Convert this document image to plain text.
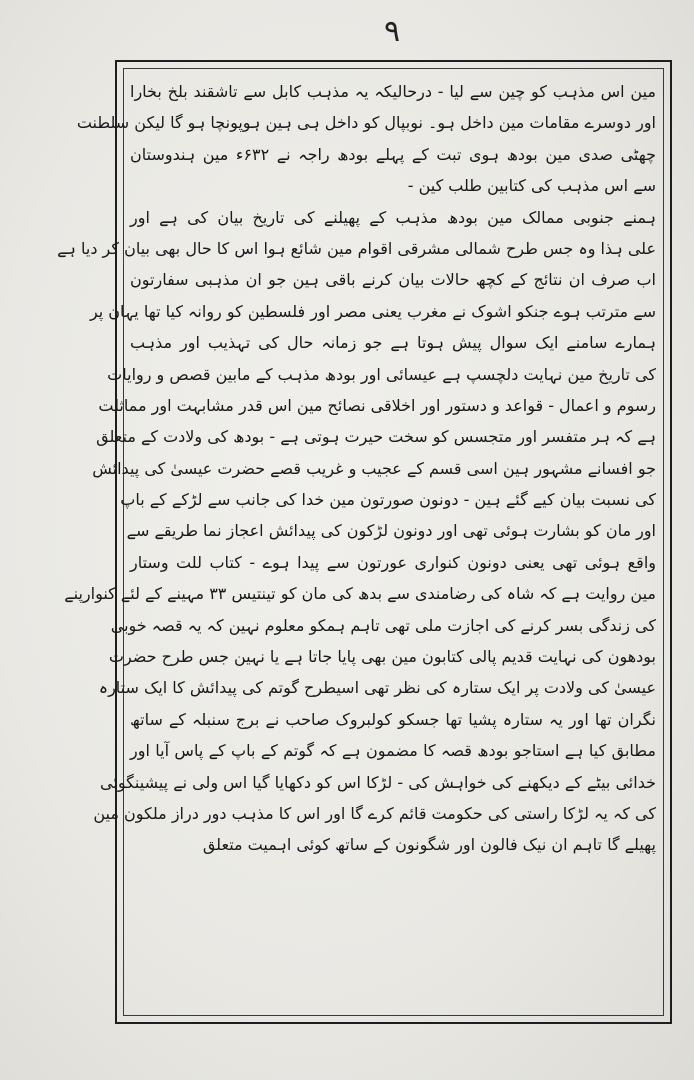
۹
مین اس مذہب کو چین سے لیا - درحالیکہ یہ مذہب کابل سے تاشقند بلخ بخارا
اور دوسرے مقامات مین داخل ہو۔ نوبپال کو داخل ہی ہین ہوپونچا ہو گا لیکن سلطنت
چھٹی صدی مین بودھ ہوی تبت کے پہلے بودھ راجہ نے ۶۳۲ء مین ہندوستان
سے اس مذہب کی کتابین طلب کین -
ہمنے جنوبی ممالک مین بودھ مذہب کے پھیلنے کی تاریخ بیان کی ہے اور
علی ہذا وہ جس طرح شمالی مشرقی اقوام مین شائع ہوا اس کا حال بھی بیان کر دیا ہے
اب صرف ان نتائج کے کچھ حالات بیان کرنے باقی ہین جو ان مذہبی سفارتون
سے مترتب ہوے جنکو اشوک نے مغرب یعنی مصر اور فلسطین کو روانہ کیا تھا یہان پر
ہمارے سامنے ایک سوال پیش ہوتا ہے جو زمانہ حال کی تہذیب اور مذہب
کی تاریخ مین نہایت دلچسپ ہے عیسائی اور بودھ مذہب کے مابین قصص و روایات
رسوم و اعمال - قواعد و دستور اور اخلاقی نصائح مین اس قدر مشابہت اور مماثلت
ہے کہ ہر متفسر اور متجسس کو سخت حیرت ہوتی ہے - بودھ کی ولادت کے متعلق
جو افسانے مشہور ہین اسی قسم کے عجیب و غریب قصے حضرت عیسیٰ کی پیدائش
کی نسبت بیان کیے گئے ہین - دونون صورتون مین خدا کی جانب سے لڑکے کے باپ
اور مان کو بشارت ہوئی تھی اور دونون لڑکون کی پیدائش اعجاز نما طریقے سے
واقع ہوئی تھی یعنی دونون کنواری عورتون سے پیدا ہوے - کتاب للت وستار
مین روایت ہے کہ شاہ کی رضامندی سے بدھ کی مان کو تینتیس ۳۳ مہینے کے لئے کنوارپنے
کی زندگی بسر کرنے کی اجازت ملی تھی تاہم ہمکو معلوم نہین کہ یہ قصہ خوبی
بودھون کی نہایت قدیم پالی کتابون مین بھی پایا جاتا ہے یا نہین جس طرح حضرت
عیسیٰ کی ولادت پر ایک ستارہ کی نظر تھی اسیطرح گوتم کی پیدائش کا ایک ستارہ
نگران تھا اور یہ ستارہ پشیا تھا جسکو کولبروک صاحب نے برج سنبلہ کے ساتھ
مطابق کیا ہے استاجو بودھ قصہ کا مضمون ہے کہ گوتم کے باپ کے پاس آیا اور
خدائی بیٹے کے دیکھنے کی خواہش کی - لڑکا اس کو دکھایا گیا اس ولی نے پیشینگوئی
کی کہ یہ لڑکا راستی کی حکومت قائم کرے گا اور اس کا مذہب دور دراز ملکون مین
پھیلے گا تاہم ان نیک فالون اور شگونون کے ساتھ کوئی اہمیت متعلق
